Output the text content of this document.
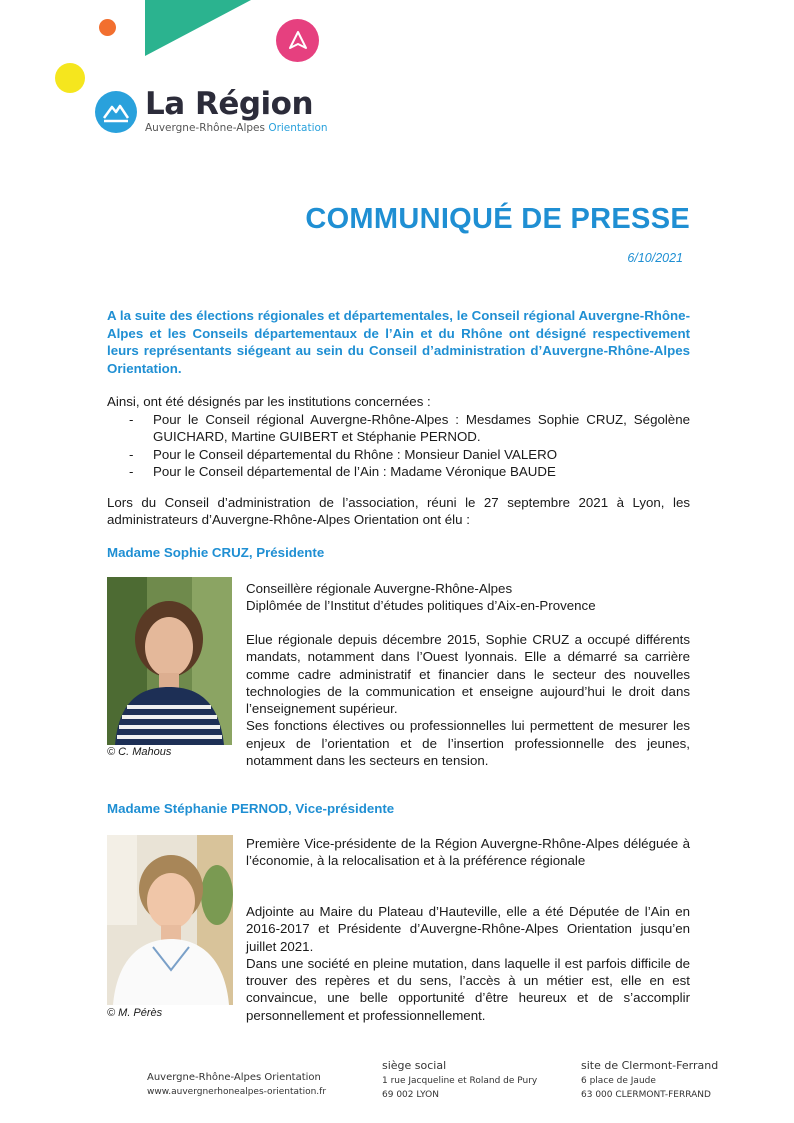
La Région
Auvergne-Rhône-Alpes Orientation
COMMUNIQUÉ DE PRESSE
6/10/2021

A la suite des élections régionales et départementales, le Conseil régional Auvergne-Rhône-Alpes et les Conseils départementaux de l’Ain et du Rhône ont désigné respectivement leurs représentants siégeant au sein du Conseil d’administration d’Auvergne-Rhône-Alpes Orientation.

Ainsi, ont été désignés par les institutions concernées :

- Pour le Conseil régional Auvergne-Rhône-Alpes : Mesdames Sophie CRUZ, Ségolène GUICHARD, Martine GUIBERT et Stéphanie PERNOD.
- Pour le Conseil départemental du Rhône : Monsieur Daniel VALERO
- Pour le Conseil départemental de l’Ain : Madame Véronique BAUDE

Lors du Conseil d’administration de l’association, réuni le 27 septembre 2021 à Lyon, les administrateurs d’Auvergne-Rhône-Alpes Orientation ont élu :

Madame Sophie CRUZ, Présidente
© C. Mahous
Conseillère régionale Auvergne-Rhône-Alpes
Diplômée de l’Institut d’études politiques d’Aix-en-Provence
Elue régionale depuis décembre 2015, Sophie CRUZ a occupé différents mandats, notamment dans l’Ouest lyonnais. Elle a démarré sa carrière comme cadre administratif et financier dans le secteur des nouvelles technologies de la communication et enseigne aujourd’hui le droit dans l’enseignement supérieur.
Ses fonctions électives ou professionnelles lui permettent de mesurer les enjeux de l’orientation et de l’insertion professionnelle des jeunes, notamment dans les secteurs en tension.
Madame Stéphanie PERNOD, Vice-présidente
© M. Pérès
Première Vice-présidente de la Région Auvergne-Rhône-Alpes déléguée à l’économie, à la relocalisation et à la préférence régionale
Adjointe au Maire du Plateau d’Hauteville, elle a été Députée de l’Ain en 2016-2017 et Présidente d’Auvergne-Rhône-Alpes Orientation jusqu’en juillet 2021.
Dans une société en pleine mutation, dans laquelle il est parfois difficile de trouver des repères et du sens, l’accès à un métier est, elle en est convaincue, une belle opportunité d’être heureux et de s’accomplir personnellement et professionnellement.
Auvergne-Rhône-Alpes Orientation
www.auvergnerhonealpes-orientation.fr
siège social
1 rue Jacqueline et Roland de Pury
69 002 LYON
site de Clermont-Ferrand
6 place de Jaude
63 000 CLERMONT-FERRAND
